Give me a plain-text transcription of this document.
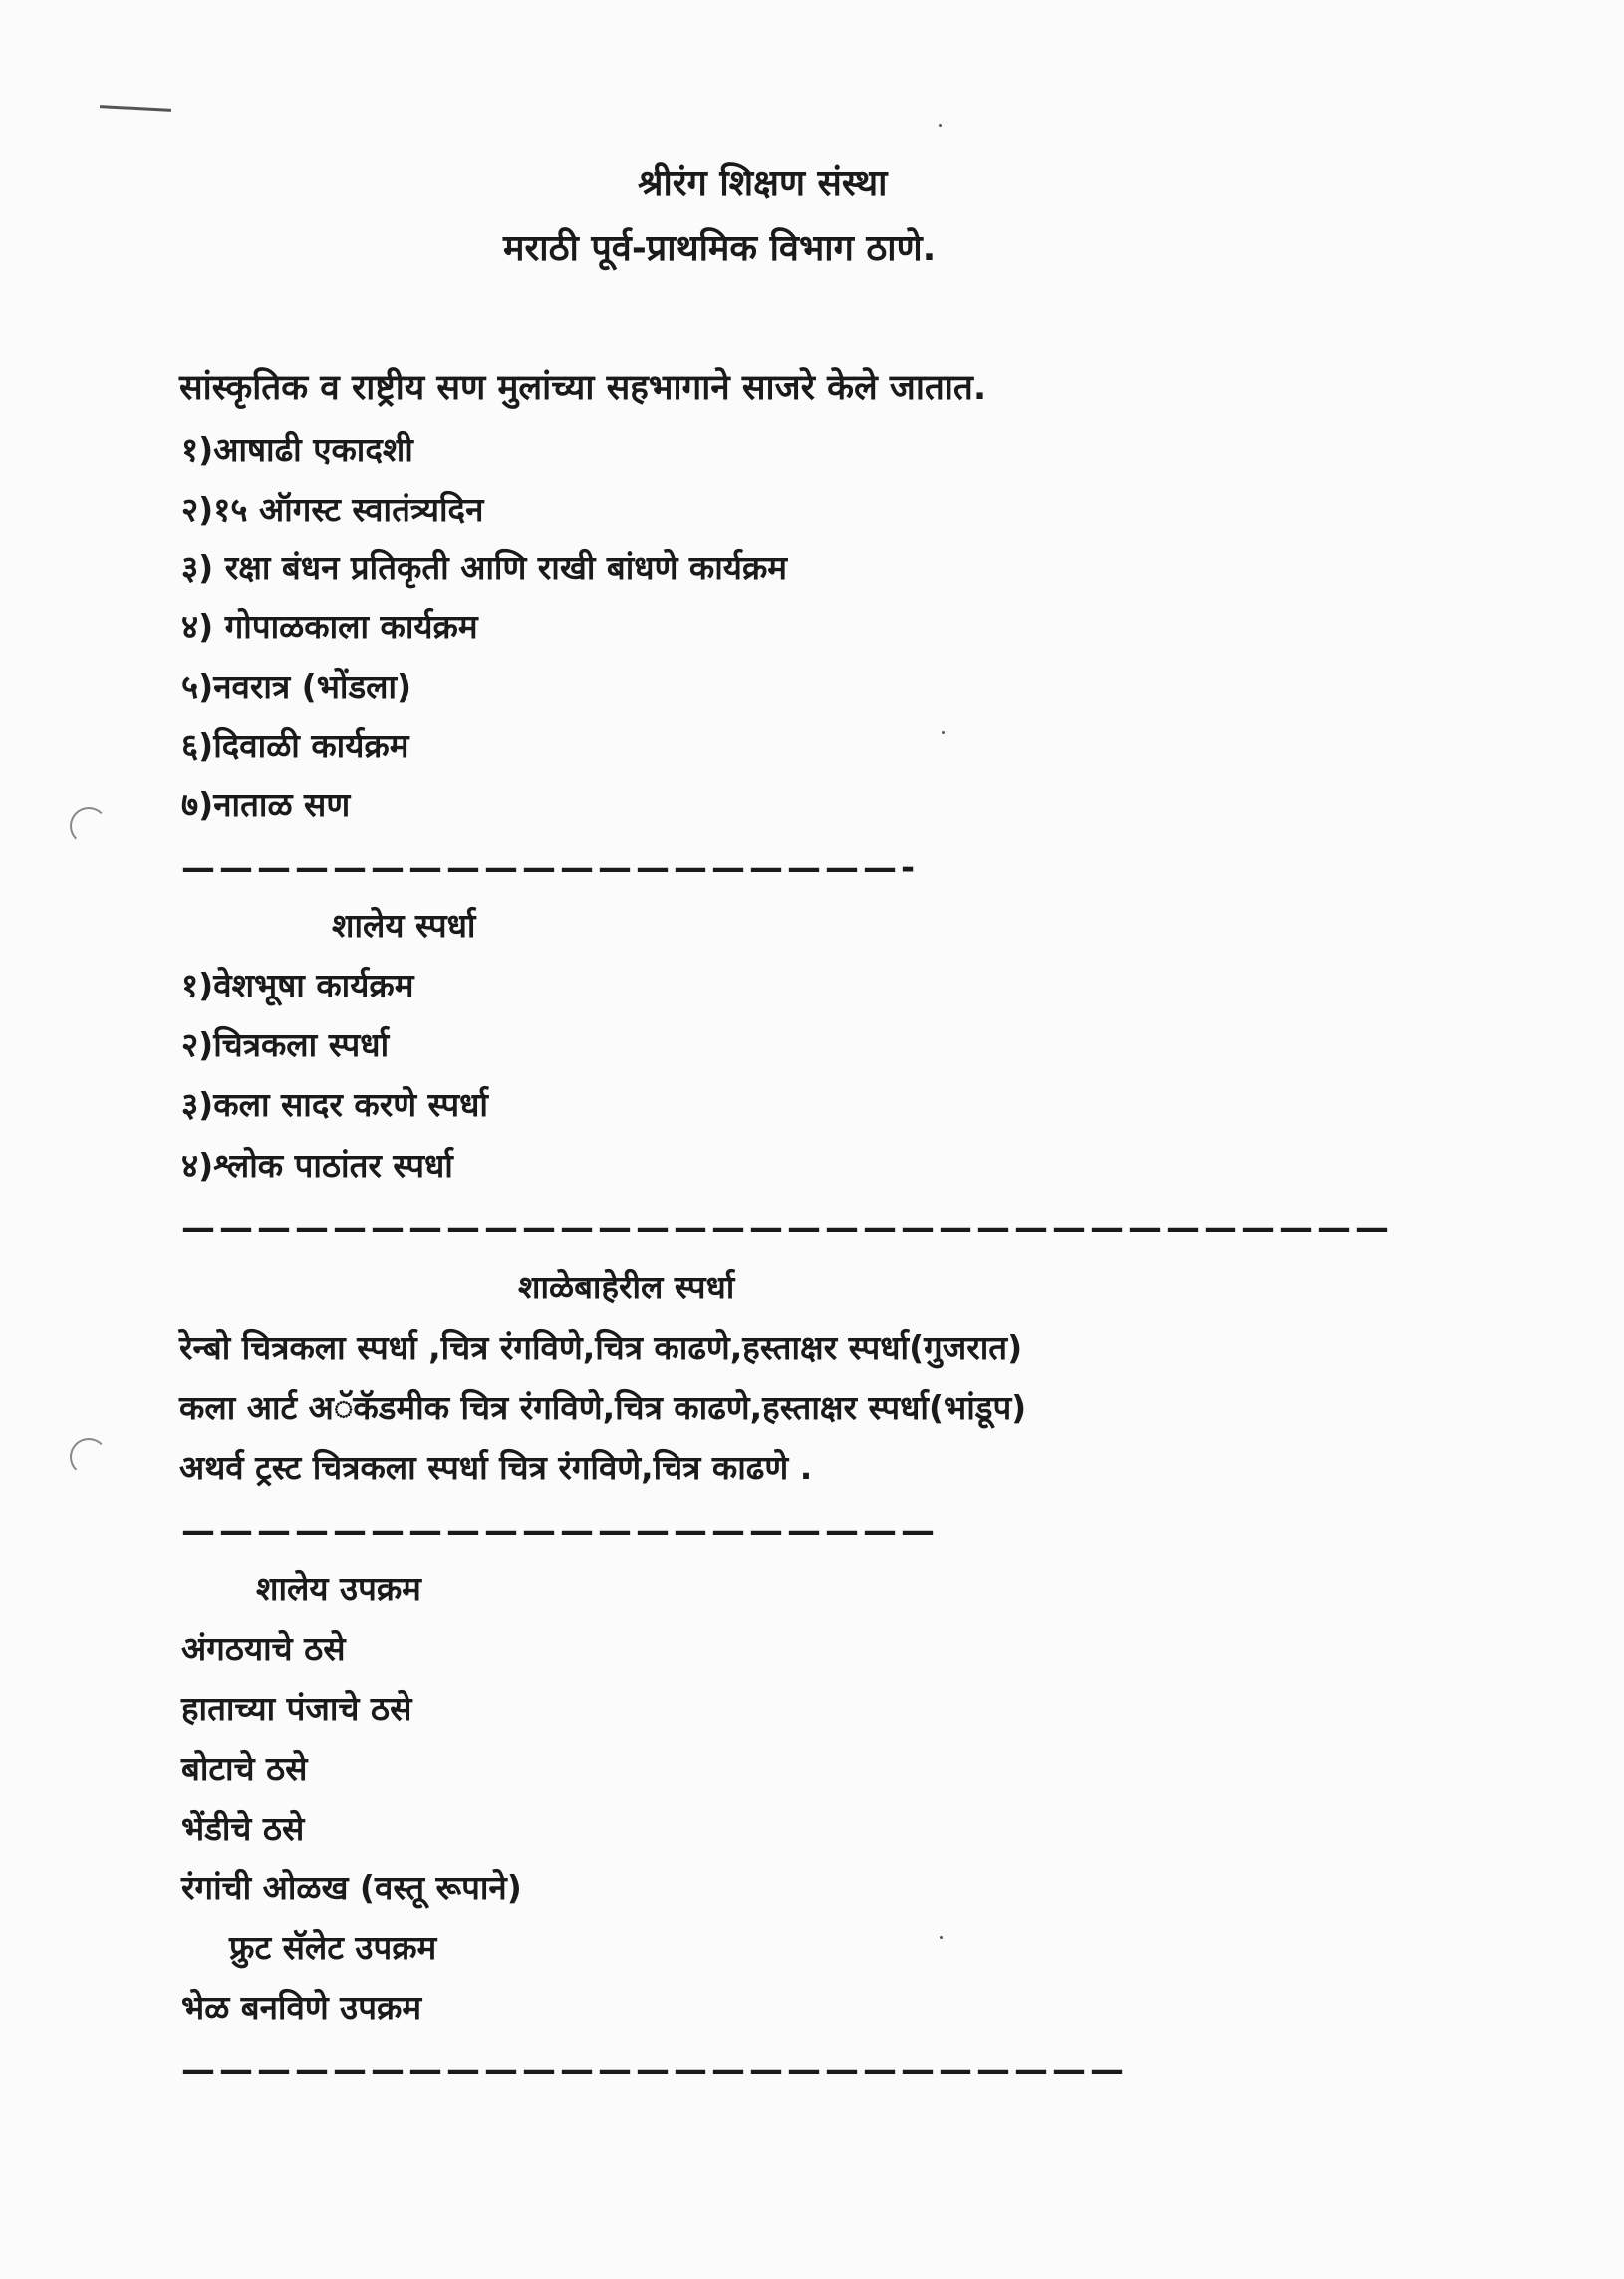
श्रीरंग शिक्षण संस्था

मराठी पूर्व-प्राथमिक विभाग ठाणे.

सांस्कृतिक व राष्ट्रीय सण मुलांच्या सहभागाने साजरे केले जातात.

१)आषाढी एकादशी

२)१५ ऑगस्ट स्वातंत्र्यदिन

३) रक्षा बंधन प्रतिकृती आणि राखी बांधणे कार्यक्रम

४) गोपाळकाला कार्यक्रम

५)नवरात्र (भोंडला)

६)दिवाळी कार्यक्रम

७)नाताळ सण

———————————————————-

शालेय स्पर्धा

१)वेशभूषा कार्यक्रम

२)चित्रकला स्पर्धा

३)कला सादर करणे स्पर्धा

४)श्लोक पाठांतर स्पर्धा

————————————————————————————————

शाळेबाहेरील स्पर्धा

रेन्बो चित्रकला स्पर्धा ,चित्र रंगविणे,चित्र काढणे,हस्ताक्षर स्पर्धा(गुजरात)

कला आर्ट अॅकॅडमीक चित्र रंगविणे,चित्र काढणे,हस्ताक्षर स्पर्धा(भांडूप)

अथर्व ट्रस्ट चित्रकला स्पर्धा चित्र रंगविणे,चित्र काढणे .

————————————————————

शालेय उपक्रम

अंगठयाचे ठसे

हाताच्या पंजाचे ठसे

बोटाचे ठसे

भेंडीचे ठसे

रंगांची ओळख (वस्तू रूपाने)

फ्रुट सॅलेट उपक्रम

भेळ बनविणे उपक्रम

—————————————————————————
